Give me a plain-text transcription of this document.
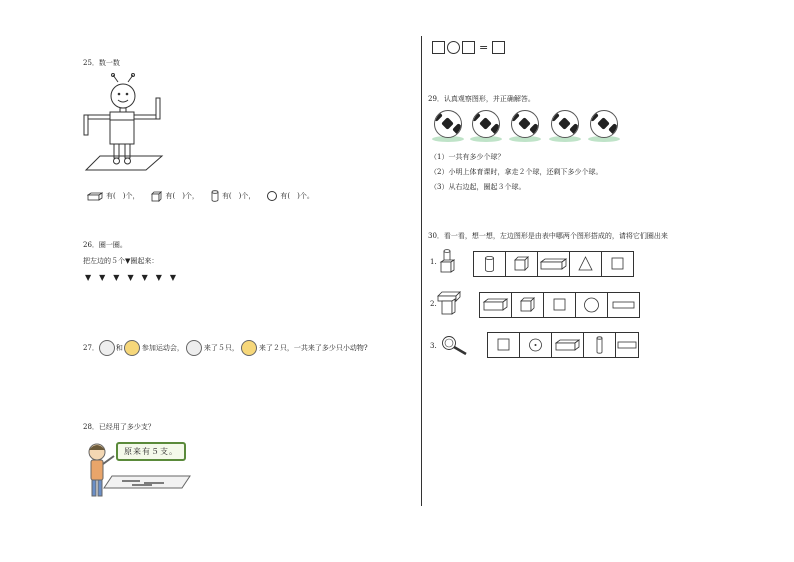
25．数一数
有(　)个，	有(　)个，	有(　)个，	有(　)个。
26．圈一圈。
把左边的５个▼圈起来：
▼　▼　▼　▼　▼　▼　▼
27． 和	参加运动会，	来了５只，	来了２只，一共来了多少只小动物?
28．已经用了多少支？
原来有５支。
=
29．认真观察图形，并正确解答。
（1）一共有多少个球？
（2）小明上体育课时，拿走２个球，还剩下多少个球。
（3）从右边起，圈起３个球。
30．看一看，想一想，左边图形是由表中哪两个图形搭成的，请将它们圈出来
1.
2.
3.
